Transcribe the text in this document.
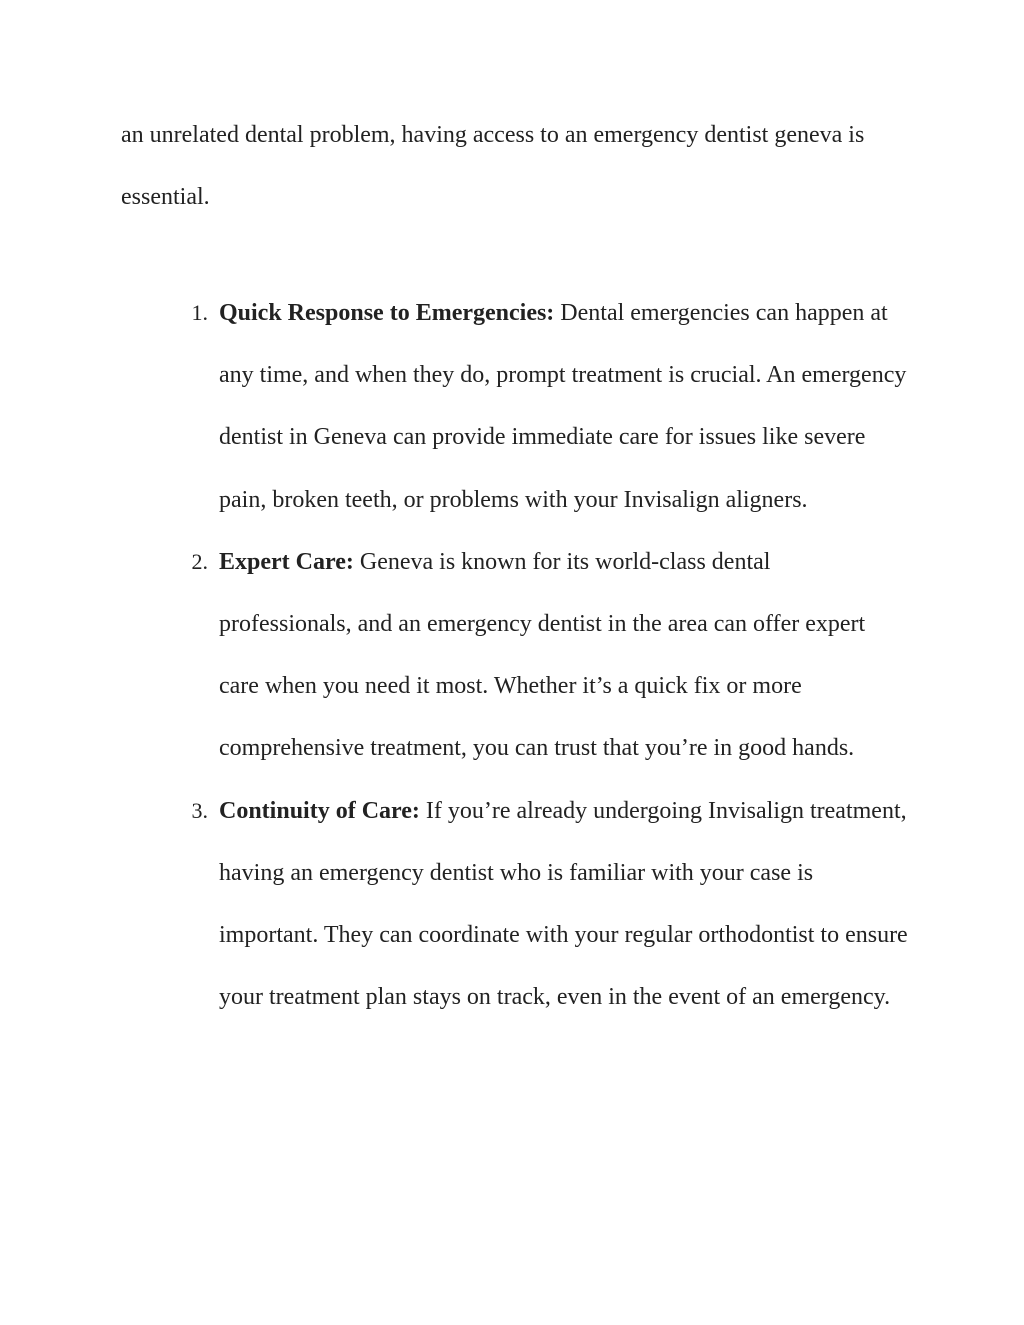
an unrelated dental problem, having access to an emergency dentist geneva is essential.

1. Quick Response to Emergencies: Dental emergencies can happen at any time, and when they do, prompt treatment is crucial. An emergency dentist in Geneva can provide immediate care for issues like severe pain, broken teeth, or problems with your Invisalign aligners.
2. Expert Care: Geneva is known for its world-class dental professionals, and an emergency dentist in the area can offer expert care when you need it most. Whether it’s a quick fix or more comprehensive treatment, you can trust that you’re in good hands.
3. Continuity of Care: If you’re already undergoing Invisalign treatment, having an emergency dentist who is familiar with your case is important. They can coordinate with your regular orthodontist to ensure your treatment plan stays on track, even in the event of an emergency.
